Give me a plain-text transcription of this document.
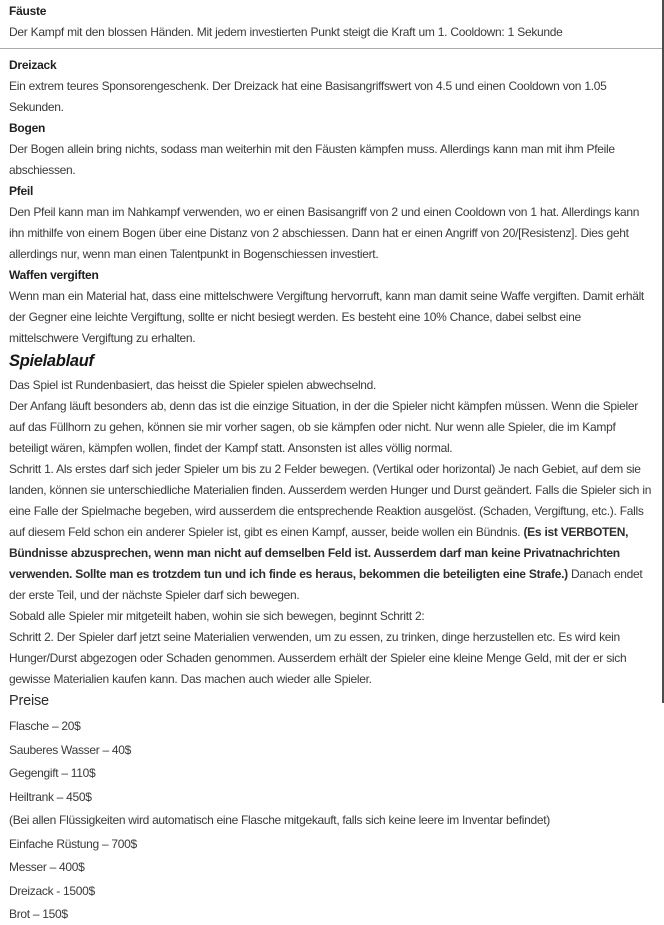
Fäuste

Der Kampf mit den blossen Händen. Mit jedem investierten Punkt steigt die Kraft um 1. Cooldown: 1 Sekunde

Dreizack

Ein extrem teures Sponsorengeschenk. Der Dreizack hat eine Basisangriffswert von 4.5 und einen Cooldown von 1.05 Sekunden.

Bogen

Der Bogen allein bring nichts, sodass man weiterhin mit den Fäusten kämpfen muss. Allerdings kann man mit ihm Pfeile abschiessen.

Pfeil

Den Pfeil kann man im Nahkampf verwenden, wo er einen Basisangriff von 2 und einen Cooldown von 1 hat. Allerdings kann ihn mithilfe von einem Bogen über eine Distanz von 2 abschiessen. Dann hat er einen Angriff von 20/[Resistenz]. Dies geht allerdings nur, wenn man einen Talentpunkt in Bogenschiessen investiert.

Waffen vergiften

Wenn man ein Material hat, dass eine mittelschwere Vergiftung hervorruft, kann man damit seine Waffe vergiften. Damit erhält der Gegner eine leichte Vergiftung, sollte er nicht besiegt werden. Es besteht eine 10% Chance, dabei selbst eine mittelschwere Vergiftung zu erhalten.

Spielablauf

Das Spiel ist Rundenbasiert, das heisst die Spieler spielen abwechselnd.

Der Anfang läuft besonders ab, denn das ist die einzige Situation, in der die Spieler nicht kämpfen müssen. Wenn die Spieler auf das Füllhorn zu gehen, können sie mir vorher sagen, ob sie kämpfen oder nicht. Nur wenn alle Spieler, die im Kampf beteiligt wären, kämpfen wollen, findet der Kampf statt. Ansonsten ist alles völlig normal.

Schritt 1. Als erstes darf sich jeder Spieler um bis zu 2 Felder bewegen. (Vertikal oder horizontal) Je nach Gebiet, auf dem sie landen, können sie unterschiedliche Materialien finden. Ausserdem werden Hunger und Durst geändert. Falls die Spieler sich in eine Falle der Spielmache begeben, wird ausserdem die entsprechende Reaktion ausgelöst. (Schaden, Vergiftung, etc.). Falls auf diesem Feld schon ein anderer Spieler ist, gibt es einen Kampf, ausser, beide wollen ein Bündnis. (Es ist VERBOTEN, Bündnisse abzusprechen, wenn man nicht auf demselben Feld ist. Ausserdem darf man keine Privatnachrichten verwenden. Sollte man es trotzdem tun und ich finde es heraus, bekommen die beteiligten eine Strafe.) Danach endet der erste Teil, und der nächste Spieler darf sich bewegen.

Sobald alle Spieler mir mitgeteilt haben, wohin sie sich bewegen, beginnt Schritt 2:

Schritt 2. Der Spieler darf jetzt seine Materialien verwenden, um zu essen, zu trinken, dinge herzustellen etc. Es wird kein Hunger/Durst abgezogen oder Schaden genommen. Ausserdem erhält der Spieler eine kleine Menge Geld, mit der er sich gewisse Materialien kaufen kann. Das machen auch wieder alle Spieler.

Preise

Flasche – 20$

Sauberes Wasser – 40$

Gegengift – 110$

Heiltrank – 450$

(Bei allen Flüssigkeiten wird automatisch eine Flasche mitgekauft, falls sich keine leere im Inventar befindet)

Einfache Rüstung – 700$

Messer – 400$

Dreizack - 1500$

Brot – 150$
